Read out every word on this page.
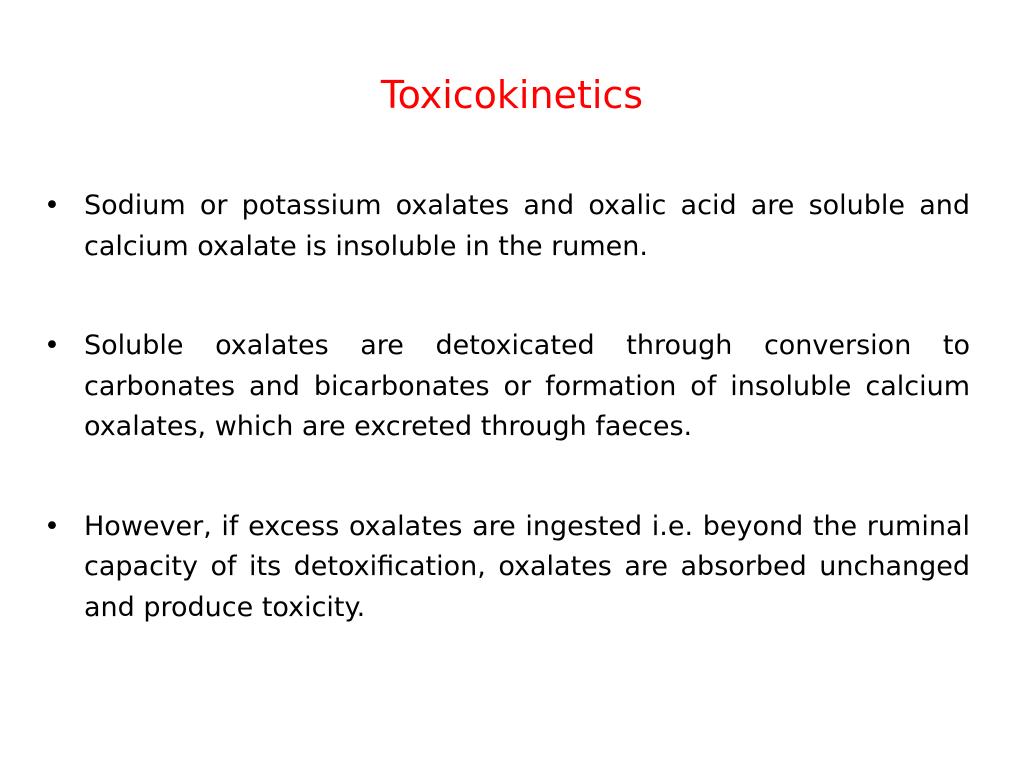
Toxicokinetics
• Sodium or potassium oxalates and oxalic acid are soluble and calcium oxalate is insoluble in the rumen.
• Soluble oxalates are detoxicated through conversion to carbonates and bicarbonates or formation of insoluble calcium oxalates, which are excreted through faeces.
• However, if excess oxalates are ingested i.e. beyond the ruminal capacity of its detoxification, oxalates are absorbed unchanged and produce toxicity.
